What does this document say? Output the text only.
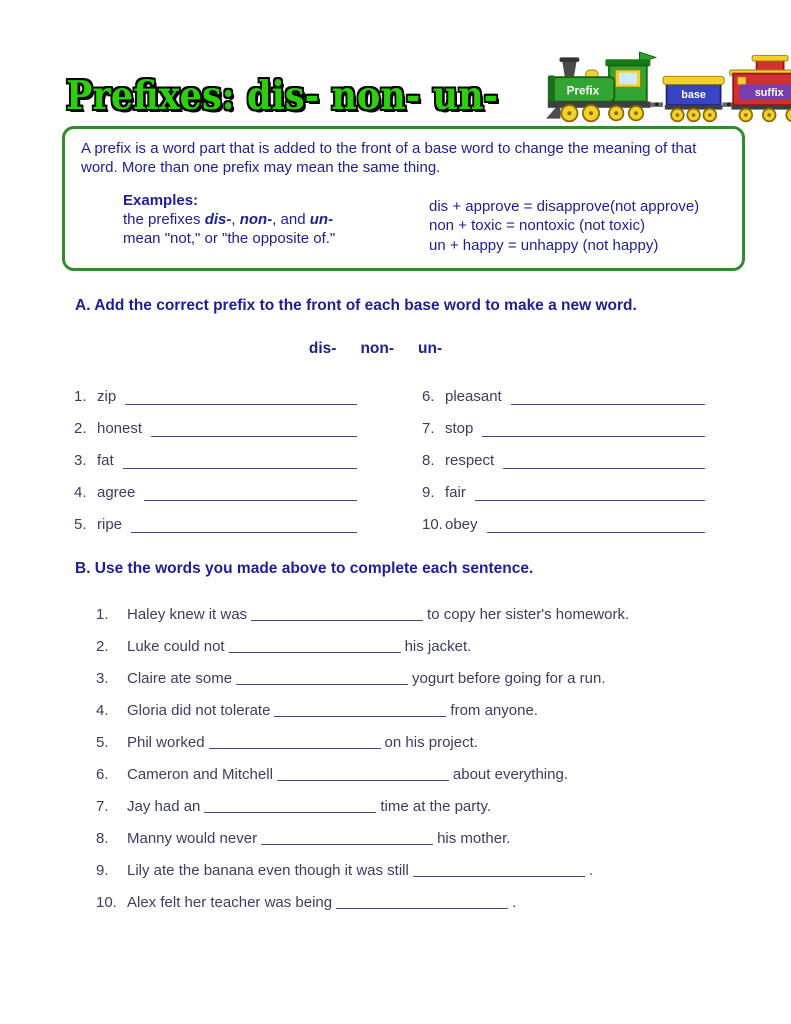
Prefixes: dis- non- un-	Prefix	base	suffix

A prefix is a word part that is added to the front of a base word to change the meaning of that word. More than one prefix may mean the same thing.

Examples:
the prefixes dis-, non-, and un-
mean "not," or "the opposite of."
dis + approve = disapprove(not approve)
non + toxic = nontoxic (not toxic)
un + happy = unhappy (not happy)
A. Add the correct prefix to the front of each base word to make a new word.
dis- non- un-
1. zip
2. honest
3. fat
4. agree
5. ripe
6. pleasant
7. stop
8. respect
9. fair
10. obey
B. Use the words you made above to complete each sentence.
1.	Haley knew it was	to copy her sister's homework.
2.	Luke could not	his jacket.
3.	Claire ate some	yogurt before going for a run.
4.	Gloria did not tolerate	from anyone.
5.	Phil worked	on his project.
6.	Cameron and Mitchell	about everything.
7.	Jay had an	time at the party.
8.	Manny would never	his mother.
9.	Lily ate the banana even though it was still	.
10. Alex felt her teacher was being	.
